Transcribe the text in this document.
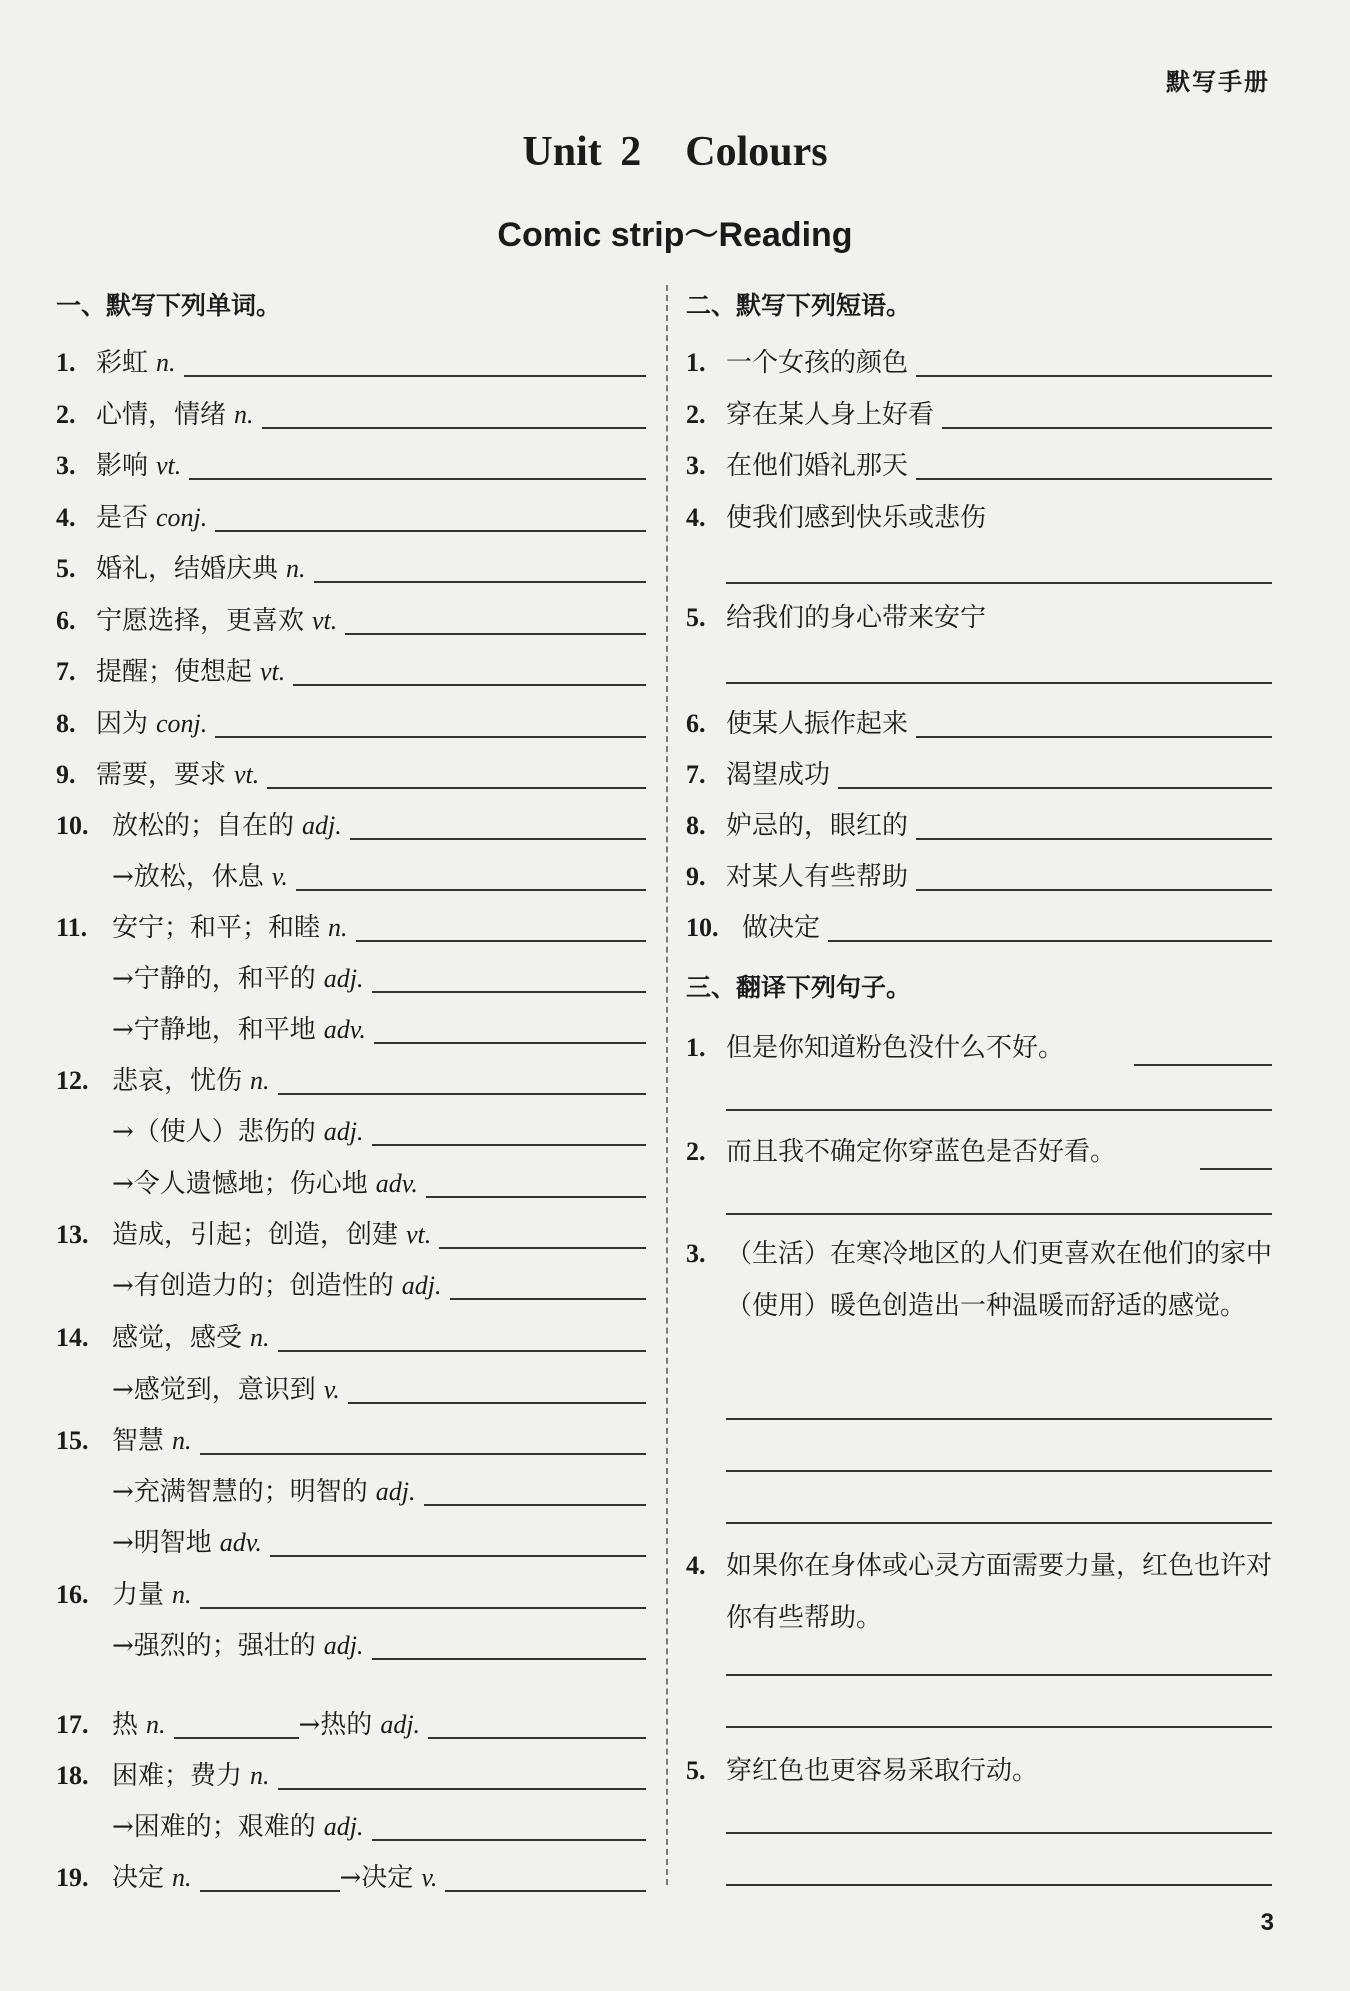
默写手册
Unit 2 Colours
Comic strip～Reading
一、默写下列单词。
1. 彩虹 n.
2. 心情，情绪 n.
3. 影响 vt.
4. 是否 conj.
5. 婚礼，结婚庆典 n.
6. 宁愿选择，更喜欢 vt.
7. 提醒；使想起 vt.
8. 因为 conj.
9. 需要，要求 vt.
10. 放松的；自在的 adj.
→放松，休息 v.
11. 安宁；和平；和睦 n.
→宁静的，和平的 adj.
→宁静地，和平地 adv.
12. 悲哀，忧伤 n.
→（使人）悲伤的 adj.
→令人遗憾地；伤心地 adv.
13. 造成，引起；创造，创建 vt.
→有创造力的；创造性的 adj.
14. 感觉，感受 n.
→感觉到，意识到 v.
15. 智慧 n.
→充满智慧的；明智的 adj.
→明智地 adv.
16. 力量 n.
→强烈的；强壮的 adj.
17. 热 n.	→热的 adj.
18. 困难；费力 n.
→困难的；艰难的 adj.
19. 决定 n.	→决定 v.
二、默写下列短语。
1. 一个女孩的颜色
2. 穿在某人身上好看
3. 在他们婚礼那天
4. 使我们感到快乐或悲伤
5. 给我们的身心带来安宁
6. 使某人振作起来
7. 渴望成功
8. 妒忌的，眼红的
9. 对某人有些帮助
10. 做决定
三、翻译下列句子。
1. 但是你知道粉色没什么不好。
2. 而且我不确定你穿蓝色是否好看。
3. （生活）在寒冷地区的人们更喜欢在他们的家中（使用）暖色创造出一种温暖而舒适的感觉。
4. 如果你在身体或心灵方面需要力量，红色也许对你有些帮助。
5. 穿红色也更容易采取行动。
3
